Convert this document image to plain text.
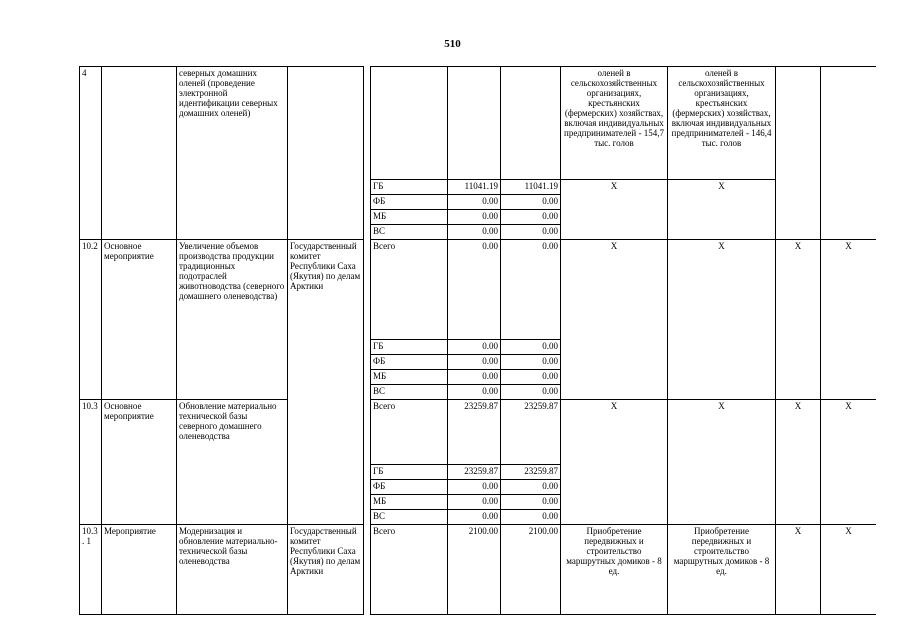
510
4		северных домашних оленей (проведение электронной идентификации северных домашних оленей)						оленей в сельскохозяйственных организациях, крестьянских (фермерских) хозяйствах, включая индивидуальных предпринимателей - 154,7 тыс. голов	оленей в сельскохозяйственных организациях, крестьянских (фермерских) хозяйствах, включая индивидуальных предпринимателей - 146,4 тыс. голов		
					ГБ	11041.19	11041.19	Х	Х		
					ФБ	0.00	0.00				
					МБ	0.00	0.00				
					ВС	0.00	0.00				
10.2	Основное мероприятие	Увеличение объемов производства продукции традиционных подотраслей животноводства (северного домашнего оленеводства)	Государственный комитет Республики Саха (Якутия) по делам Арктики		Всего	0.00	0.00	Х	Х	Х	Х
					ГБ	0.00	0.00				
					ФБ	0.00	0.00				
					МБ	0.00	0.00				
					ВС	0.00	0.00				
10.3	Основное мероприятие	Обновление материально технической базы северного домашнего оленеводства			Всего	23259.87	23259.87	Х	Х	Х	Х
					ГБ	23259.87	23259.87				
					ФБ	0.00	0.00				
					МБ	0.00	0.00				
					ВС	0.00	0.00				
10.3. 1	Мероприятие	Модернизация и обновление материально-технической базы оленеводства	Государственный комитет Республики Саха (Якутия) по делам Арктики		Всего	2100.00	2100.00	Приобретение передвижных и строительство маршрутных домиков - 8 ед.	Приобретение передвижных и строительство маршрутных домиков - 8 ед.	Х	Х
